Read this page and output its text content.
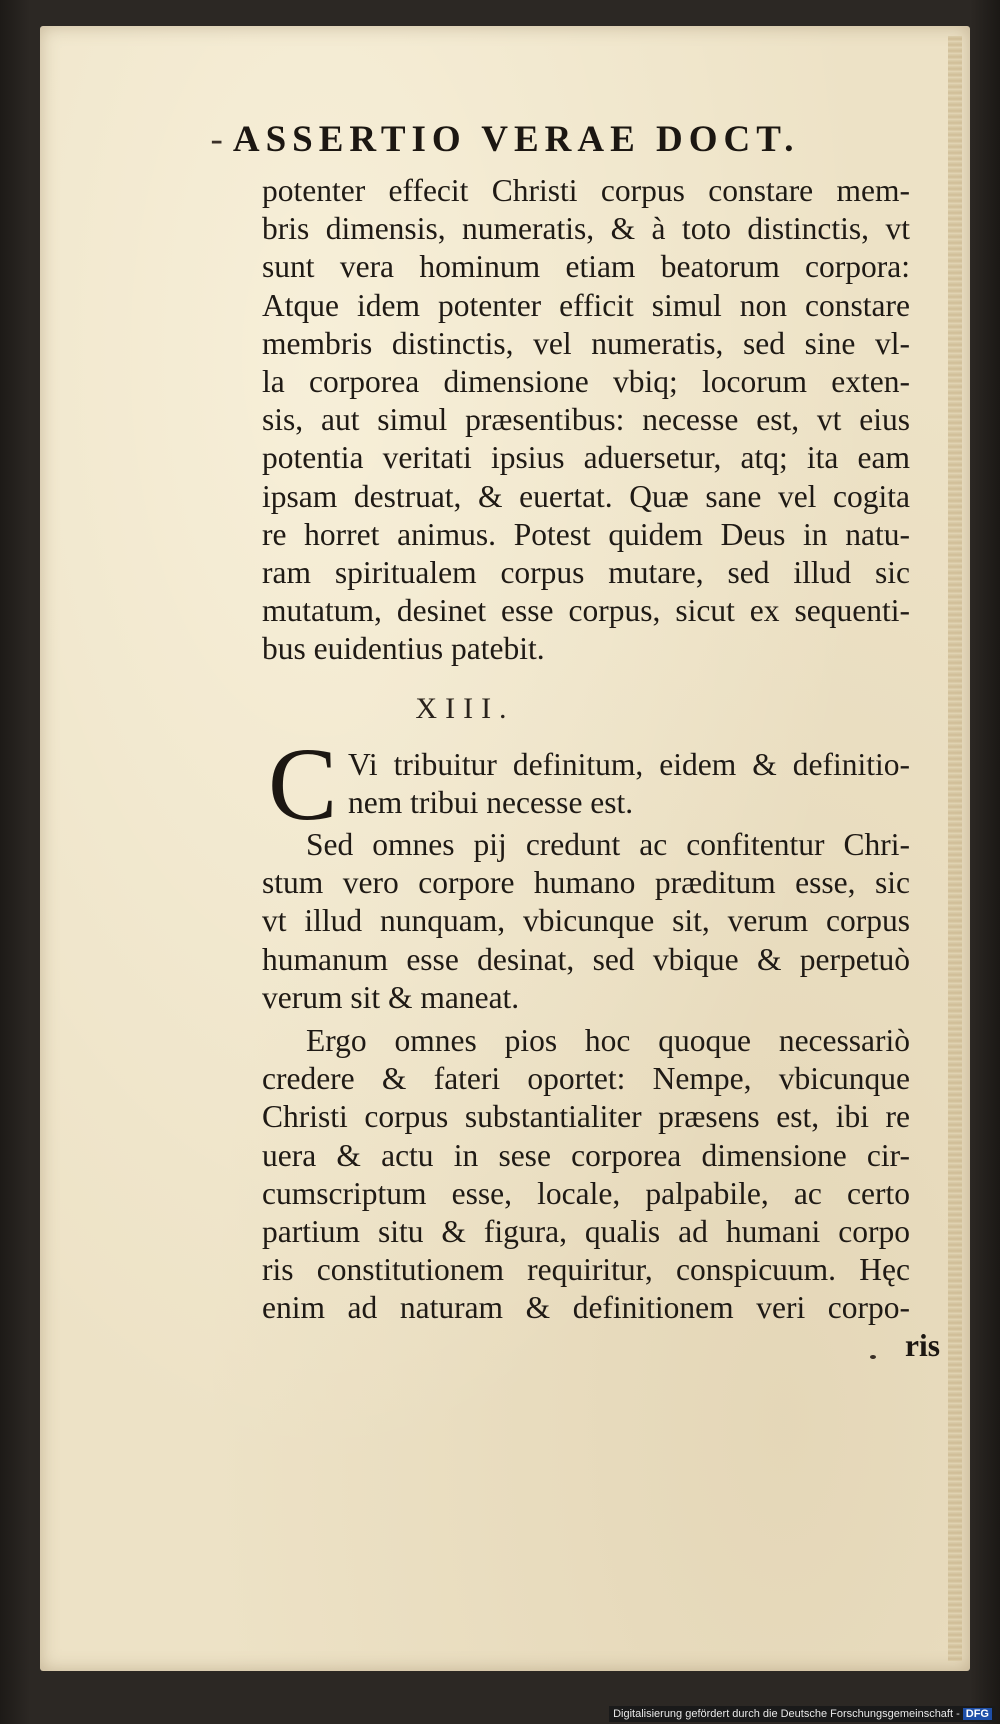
- ASSERTIO VERAE DOCT.
potenter effecit Christi corpus constare mem-
bris dimensis, numeratis, & à toto distinctis, vt
sunt vera hominum etiam beatorum corpora:
Atque idem potenter efficit simul non constare
membris distinctis, vel numeratis, sed sine vl-
la corporea dimensione vbiq; locorum exten-
sis, aut simul præsentibus: necesse est, vt eius
potentia veritati ipsius aduersetur, atq; ita eam
ipsam destruat, & euertat. Quæ sane vel cogita
re horret animus. Potest quidem Deus in natu-
ram spiritualem corpus mutare, sed illud sic
mutatum, desinet esse corpus, sicut ex sequenti-
bus euidentius patebit.
XIII.
C Vi tribuitur definitum, eidem & definitio-
nem tribui necesse est.
Sed omnes pij credunt ac confitentur Chri-
stum vero corpore humano præditum esse, sic
vt illud nunquam, vbicunque sit, verum corpus
humanum esse desinat, sed vbique & perpetuò
verum sit & maneat.
Ergo omnes pios hoc quoque necessariò
credere & fateri oportet: Nempe, vbicunque
Christi corpus substantialiter præsens est, ibi re
uera & actu in sese corporea dimensione cir-
cumscriptum esse, locale, palpabile, ac certo
partium situ & figura, qualis ad humani corpo
ris constitutionem requiritur, conspicuum. Hęc
enim ad naturam & definitionem veri corpo-
ris
Digitalisierung gefördert durch die Deutsche Forschungsgemeinschaft - DFG
